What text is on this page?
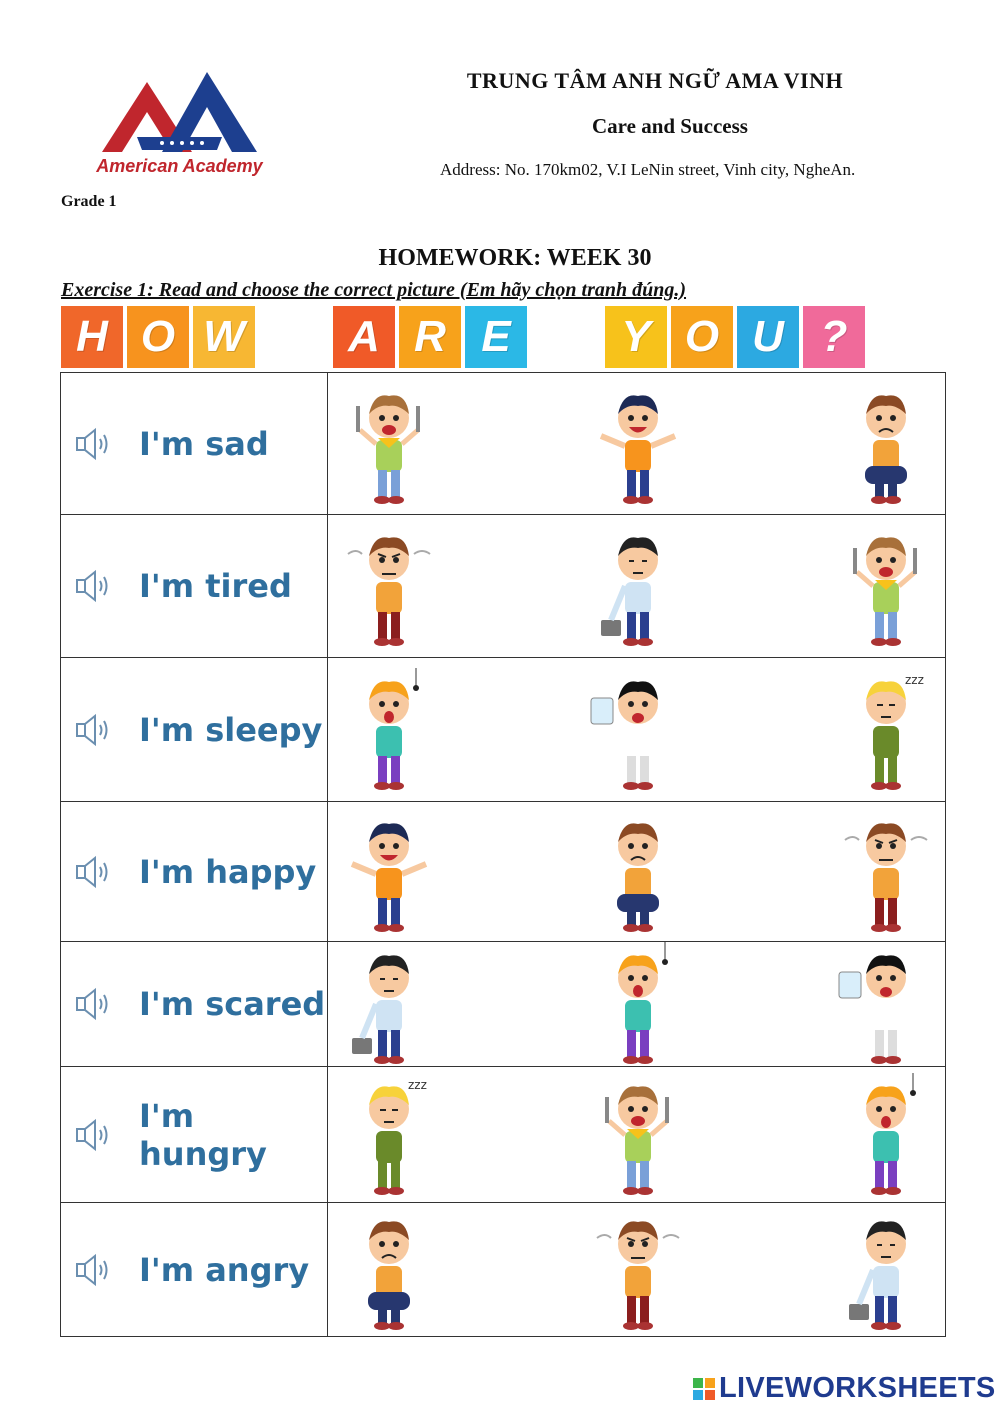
American Academy
Grade 1
TRUNG TÂM ANH NGỮ AMA VINH
Care and Success
Address: No. 170km02, V.I LeNin street, Vinh city, NgheAn.
HOMEWORK: WEEK 30
Exercise 1: Read and choose the correct picture (Em hãy chọn tranh đúng.)
H O W	A R E	Y O U ?
I'm sad
I'm tired
I'm sleepy
zzz
I'm happy
I'm scared
I'm hungry
zzz
I'm angry
LIVEWORKSHEETS
